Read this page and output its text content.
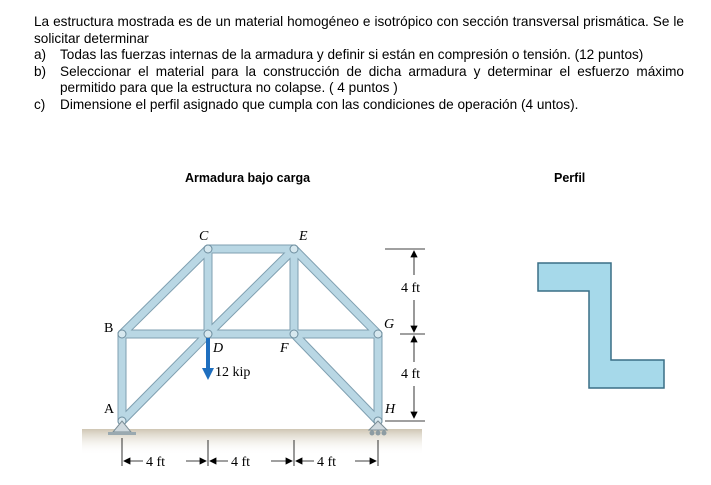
La estructura mostrada es de un material homogéneo e isotrópico con sección transversal prismática. Se le solicitar determinar

a) Todas las fuerzas internas de la armadura y definir si están en compresión o tensión. (12 puntos)
b) Seleccionar el material para la construcción de dicha armadura y determinar el esfuerzo máximo permitido para que la estructura no colapse. ( 4 puntos )
c) Dimensione el perfil asignado que cumpla con las condiciones de operación (4 untos).
Armadura bajo carga	Perfil
A
B
C
D
E
F
G
H
12 kip
4 ft
4 ft
4 ft	4 ft	4 ft
